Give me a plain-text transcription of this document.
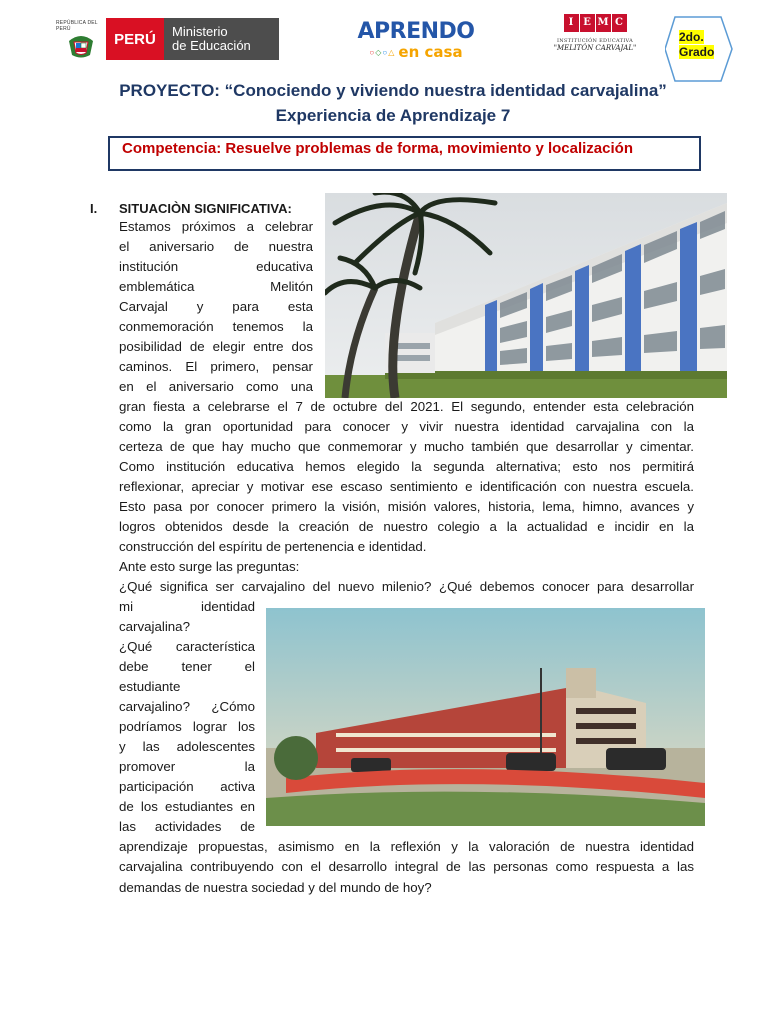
REPÚBLICA DEL PERÚ
PERÚ	Ministerio
de Educación
APRENDO
○◇○△ en casa
I E M C
INSTITUCIÓN EDUCATIVA
"MELITÓN CARVAJAL"
2do.
Grado
PROYECTO: “Conociendo y viviendo nuestra identidad carvajalina”
Experiencia de Aprendizaje 7
Competencia: Resuelve problemas de forma, movimiento y localización
I. SITUACIÒN SIGNIFICATIVA:
Estamos próximos a celebrar
el aniversario de nuestra
institución educativa
emblemática Melitón
Carvajal y para esta
conmemoración tenemos la
posibilidad de elegir entre dos
caminos. El primero, pensar
en el aniversario como una
gran fiesta a celebrarse el 7 de octubre del 2021. El segundo, entender esta celebración
como la gran oportunidad para conocer y vivir nuestra identidad carvajalina con la
certeza de que hay mucho que conmemorar y mucho también que desarrollar y cimentar.
Como institución educativa hemos elegido la segunda alternativa; esto nos permitirá
reflexionar, apreciar y motivar ese escaso sentimiento e identificación con nuestra escuela.
Esto pasa por conocer primero la visión, misión valores, historia, lema, himno, avances y
logros obtenidos desde la creación de nuestro colegio a la actualidad e incidir en la
construcción del espíritu de pertenencia e identidad.
Ante esto surge las preguntas:
¿Qué significa ser carvajalino del nuevo milenio? ¿Qué debemos conocer para desarrollar
mi identidad
carvajalina?
¿Qué característica
debe tener el
estudiante
carvajalino? ¿Cómo
podríamos lograr los
y las adolescentes
promover la
participación activa
de los estudiantes en
las actividades de
aprendizaje propuestas, asimismo en la reflexión y la valoración de nuestra identidad
carvajalina contribuyendo con el desarrollo integral de las personas como respuesta a las
demandas de nuestra sociedad y del mundo de hoy?
